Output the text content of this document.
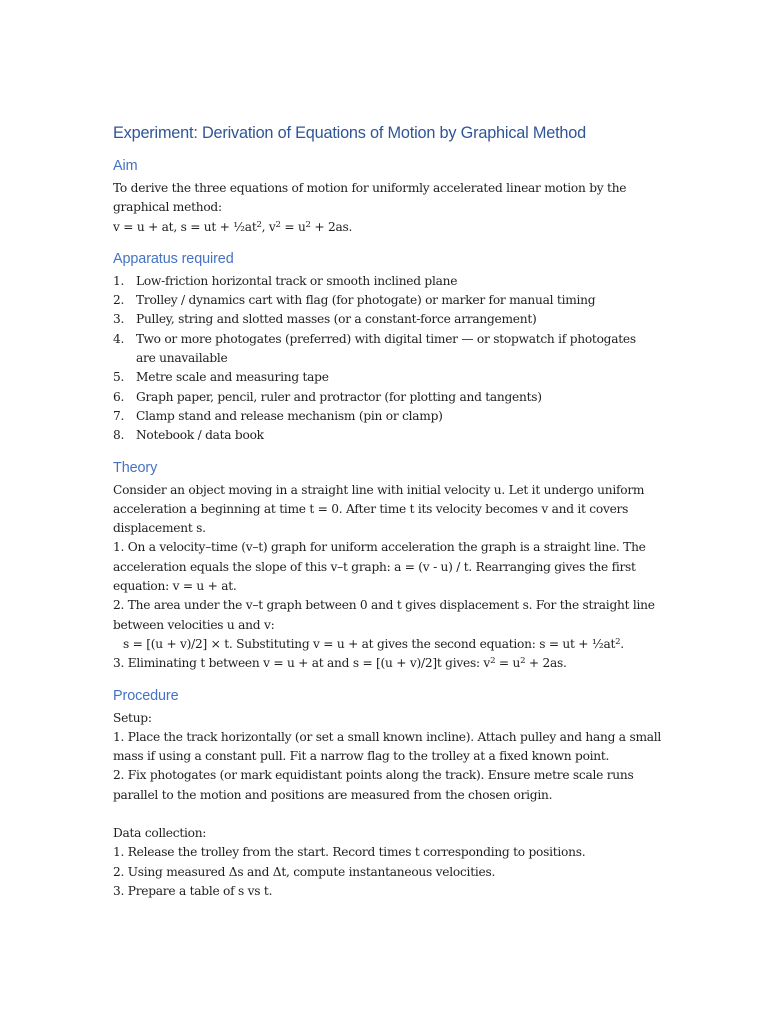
Experiment: Derivation of Equations of Motion by Graphical Method
Aim
To derive the three equations of motion for uniformly accelerated linear motion by the
graphical method:
v = u + at, s = ut + $\frac{1}{2}at^2$, $v^2 = u^2 + 2as$.
Apparatus required
1. Low-friction horizontal track or smooth inclined plane
2. Trolley / dynamics cart with flag (for photogate) or marker for manual timing
3. Pulley, string and slotted masses (or a constant-force arrangement)
4. Two or more photogates (preferred) with digital timer — or stopwatch if photogates
are unavailable
5. Metre scale and measuring tape
6. Graph paper, pencil, ruler and protractor (for plotting and tangents)
7. Clamp stand and release mechanism (pin or clamp)
8. Notebook / data book
Theory
Consider an object moving in a straight line with initial velocity u. Let it undergo uniform
acceleration a beginning at time t = 0. After time t its velocity becomes v and it covers
displacement s.
1. On a velocity–time (v–t) graph for uniform acceleration the graph is a straight line. The
acceleration equals the slope of this v–t graph: a = (v - u) / t. Rearranging gives the first
equation: v = u + at.
2. The area under the v–t graph between 0 and t gives displacement s. For the straight line
between velocities u and v:
s = [(u + v)/2] × t. Substituting v = u + at gives the second equation: s = ut + $\frac{1}{2}at^2$.
3. Eliminating t between v = u + at and s = [(u + v)/2]t gives: $v^2 = u^2 + 2as$.
Procedure
Setup:
1. Place the track horizontally (or set a small known incline). Attach pulley and hang a small
mass if using a constant pull. Fit a narrow flag to the trolley at a fixed known point.
2. Fix photogates (or mark equidistant points along the track). Ensure metre scale runs
parallel to the motion and positions are measured from the chosen origin.
Data collection:
1. Release the trolley from the start. Record times t corresponding to positions.
2. Using measured Δs and Δt, compute instantaneous velocities.
3. Prepare a table of s vs t.
